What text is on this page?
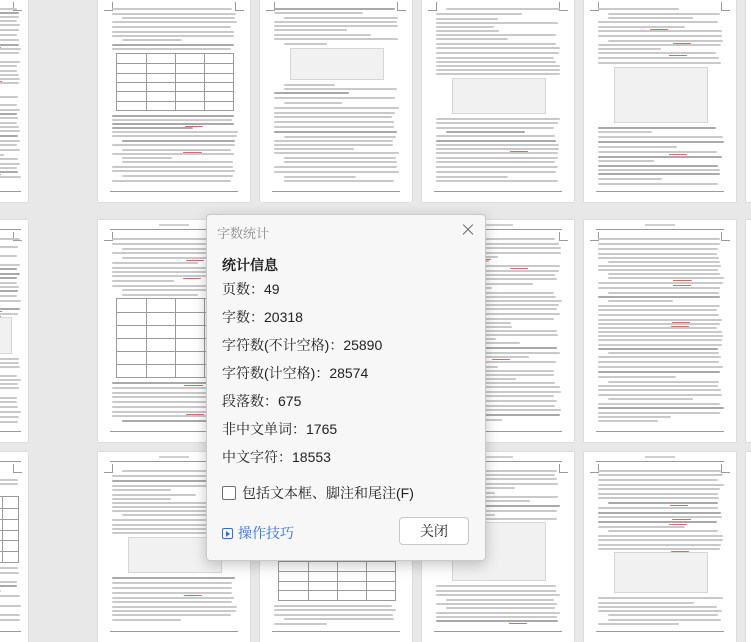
字数统计
统计信息
页数：49
字数：20318
字符数(不计空格)：25890
字符数(计空格)：28574
段落数：675
非中文单词：1765
中文字符：18553
包括文本框、脚注和尾注(F)
操作技巧	关闭
